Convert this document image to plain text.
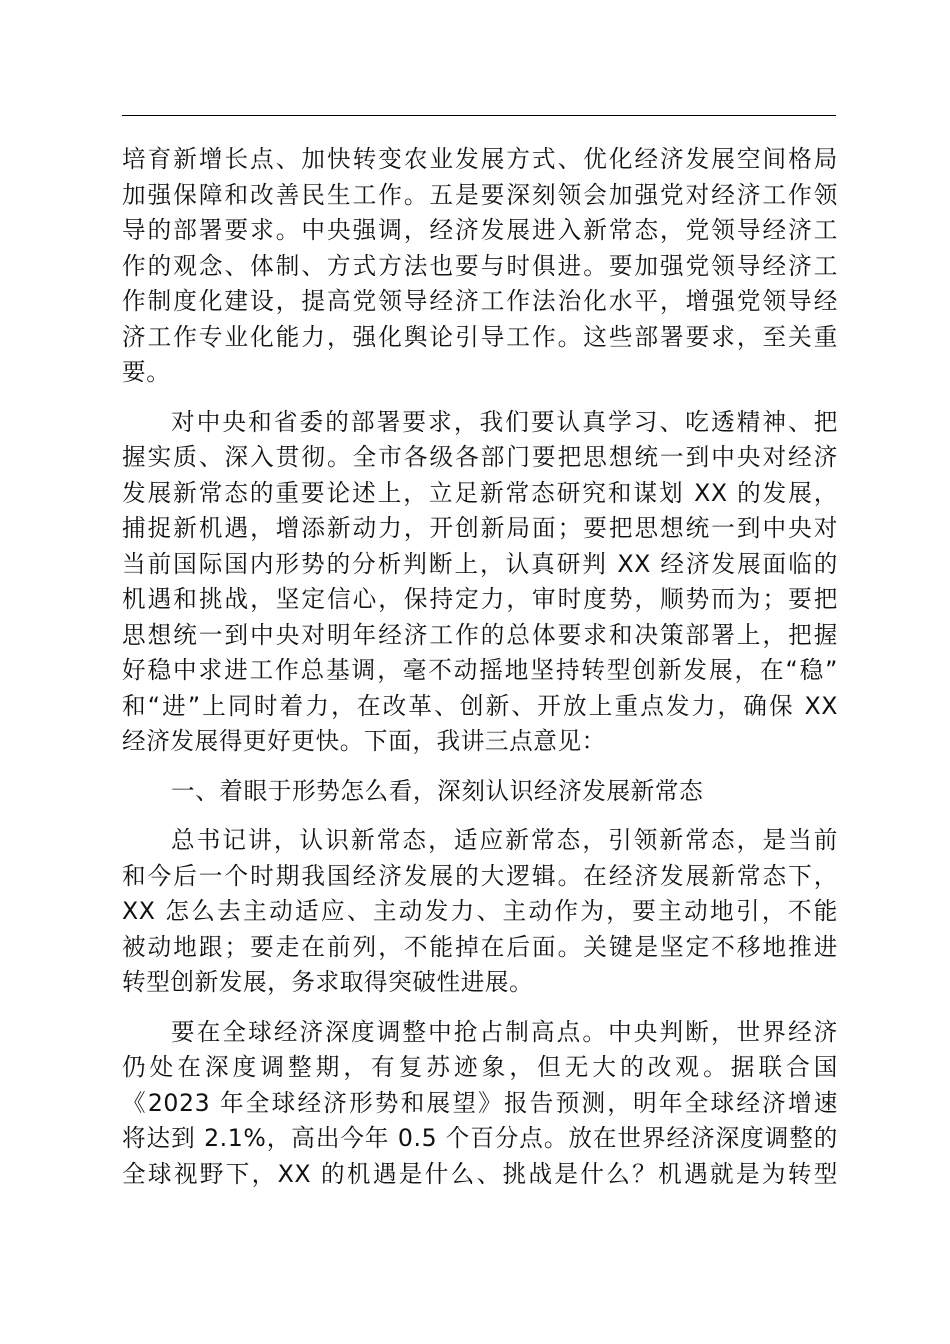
培育新增长点、加快转变农业发展方式、优化经济发展空间格局
加强保障和改善民生工作。五是要深刻领会加强党对经济工作领
导的部署要求。中央强调，经济发展进入新常态，党领导经济工
作的观念、体制、方式方法也要与时俱进。要加强党领导经济工
作制度化建设，提高党领导经济工作法治化水平，增强党领导经
济工作专业化能力，强化舆论引导工作。这些部署要求，至关重
要。
对中央和省委的部署要求，我们要认真学习、吃透精神、把
握实质、深入贯彻。全市各级各部门要把思想统一到中央对经济
发展新常态的重要论述上，立足新常态研究和谋划 XX 的发展，
捕捉新机遇，增添新动力，开创新局面；要把思想统一到中央对
当前国际国内形势的分析判断上，认真研判 XX 经济发展面临的
机遇和挑战，坚定信心，保持定力，审时度势，顺势而为；要把
思想统一到中央对明年经济工作的总体要求和决策部署上，把握
好稳中求进工作总基调，毫不动摇地坚持转型创新发展，在“稳”
和“进”上同时着力，在改革、创新、开放上重点发力，确保 XX
经济发展得更好更快。下面，我讲三点意见：
一、着眼于形势怎么看，深刻认识经济发展新常态
总书记讲，认识新常态，适应新常态，引领新常态，是当前
和今后一个时期我国经济发展的大逻辑。在经济发展新常态下，
XX 怎么去主动适应、主动发力、主动作为，要主动地引，不能
被动地跟；要走在前列，不能掉在后面。关键是坚定不移地推进
转型创新发展，务求取得突破性进展。
要在全球经济深度调整中抢占制高点。中央判断，世界经济
仍处在深度调整期，有复苏迹象，但无大的改观。据联合国
《2023 年全球经济形势和展望》报告预测，明年全球经济增速
将达到 2.1%，高出今年 0.5 个百分点。放在世界经济深度调整的
全球视野下，XX 的机遇是什么、挑战是什么？机遇就是为转型
